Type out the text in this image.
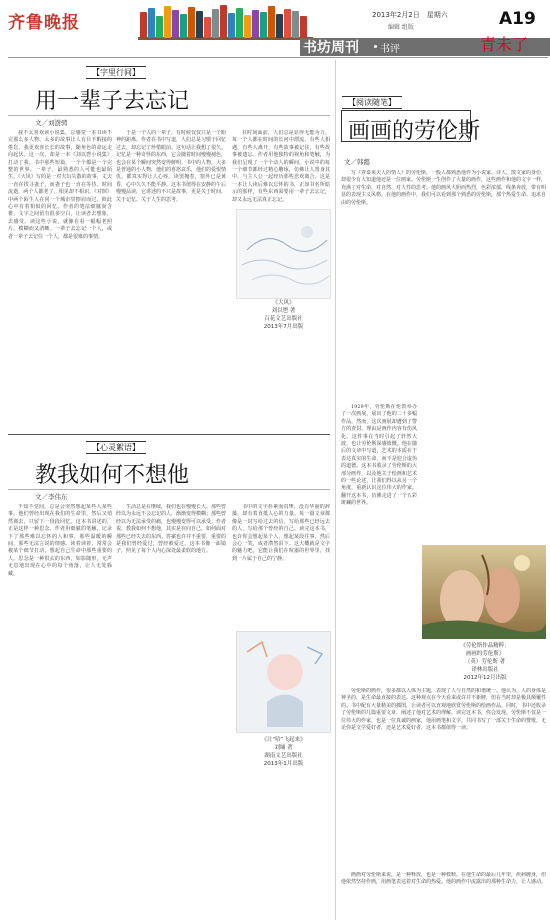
齐鲁晚报	2013年2月2日　星期六
编辑 组版	A19
书坊周刊 书评	青未了
【字里行间】
用一辈子去忘记
文／刘澍骋
我不太喜欢读小说集，总感觉一本书读不完那么多人物，太多的故事让人有目不暇接的倦怠。我更欢喜长长的故事，随角色的命运走向起伏。这一次，却是一本《刘以鬯小说集》打动了我。书中那些短篇，一个个都是一个完整的世界。一辈子，最熟悉的人可能也最陌生。《大风》写的是一对夫妇失散的故事，丈夫一直在找寻妻子，而妻子也一直在等待。时间流逝，两个人都老了，相见却不相识。《对倒》中两个陌生人在同一个城市里擦肩而过，彼此心中有着相似的回忆。作者的笔法细腻而含蓄，文字之间留有很多空白，让读者去想象，去感受。读这些小说，就像在看一幅幅老照片，模糊而又清晰。一辈子去忘记一个人，或者一辈子去记住一个人，都是很难的事情。
于是一个人的一辈子，有时候仅仅只是一个眼神的距离。作者在书中写道，人们总是习惯于回忆过去，却忘记了珍惜眼前。这句话让我想了很久。记忆是一种奇怪的东西，它会随着时间慢慢褪色，也会在某个瞬间突然变得鲜明。书中的人物，大多是普通的小人物，他们的喜怒哀乐，他们的爱恨情仇，都真实得让人心疼。读罢掩卷，窗外已是黄昏，心中久久不能平静。这本书值得在安静的午后慢慢品读，它讲述的不只是故事，更是关于时间、关于记忆、关于人生的思考。
在时间面前，人们总是显得无能为力。每一个人都在时间的长河中漂流，有些人相遇，有些人离开，有些故事被记住，有些故事被遗忘。作者用他独特的视角和笔触，为我们呈现了一个个动人的瞬间。小说中的每一个细节都经过精心雕琢，仿佛让人置身其中，与主人公一起经历那些悲欢离合。这是一本让人读后难以忘怀的书，正如书名所暗示的那样，有些东西需要用一辈子去忘记，却又永远无法真正忘记。
《大风》
刘以鬯 著
百花文艺出版社
2013年7月出版
【心灵絮语】
教我如何不想他
文／李伟东
不知不觉间，总是会突然想起某些人某些事。他们曾经出现在我们的生命里，然后又悄然离去，只留下一段段回忆。这本书讲述的，正是这样一种思念。作者用细腻的笔触，记录下了那些难以忘怀的人和事，那些温暖的瞬间，那些无法言说的情感。读着读着，常常会被某个细节打动，想起自己生命中那些重要的人。思念是一种很玄的东西，如影随形，无声无息地出现在心中的每个角落，让人无处躲藏。
生活总是在继续，我们也在慢慢长大。那些曾经以为永远不会忘记的人，渐渐变得模糊；那些曾经以为无法承受的痛，也慢慢变得可以承受。作者说，教我如何不想他，其实是在问自己，如何面对那些已经失去的东西。答案也许并不重要，重要的是我们曾经爱过，曾经被爱过。这本书像一面镜子，照见了每个人内心深处最柔软的地方。
书中的文字朴素而真挚，没有华丽的辞藻，却有着直抵人心的力量。每一篇文章都像是一封写给过去的信，写给那些已经远去的人，写给那个曾经的自己。读完这本书，也许你会想起某个人，想起某段往事，然后会心一笑，或者潸然泪下。这大概就是文字的魅力吧，它能让我们在喧嚣的世界里，找到一片属于自己的宁静。
《让“哈”飞起来》
刘墉 著
湖南文艺出版社
2013年1月出版
【阅读随笔】
画画的劳伦斯
文／韩懿
写《查泰莱夫人的情人》的劳伦斯，一般人都熟悉他作为小说家、诗人、散文家的身份，却很少有人知道他还是一位画家。劳伦斯一生创作了大量的画作，这些画作和他的文字一样，充满了对生命、对自然、对人性的思考。他的画风大胆而热烈，色彩浓郁，线条奔放，带有明显的表现主义风格。在他的画作中，我们可以看到那个熟悉的劳伦斯，那个热爱生命、追求自由的劳伦斯。
1929年，劳伦斯在伦敦举办了一次画展，展出了他的二十多幅作品。然而，这次画展却遭到了警方的查封，理由是画作内容有伤风化。这件事在当时引起了轩然大波，也让劳伦斯深感愤慨。他在随后的文章中写道，艺术的本质在于表达真实的生命，而不是迎合虚伪的道德。这本书收录了劳伦斯的大部分画作，以及他关于绘画和艺术的一些论述，让我们得以从另一个角度，重新认识这位伟大的作家。翻开这本书，仿佛走进了一个五彩斑斓的世界。
《劳伦斯作品精粹：
画画的劳伦斯》
（英）劳伦斯 著
译林出版社
2012年12月出版
劳伦斯的画作，很多都以人体为主题，表现了人与自然的和谐统一。他认为，人的身体是神圣的，是生命最直接的表达。这种观点在今天看来或许并不新鲜，但在当时却是极具颠覆性的。书中配有大量精美的插图，让读者可以直观地欣赏劳伦斯的绘画作品。同时，书中还收录了劳伦斯的几篇重要文章，阐述了他对艺术的理解。读完这本书，你会发现，劳伦斯不仅是一位伟大的作家，也是一位真诚的画家，他用画笔和文字，共同书写了一部关于生命的赞歌。无论你是文学爱好者，还是艺术爱好者，这本书都值得一读。
画画对劳伦斯来说，是一种释放，也是一种救赎。在他生命的最后几年里，疾病缠身，但他依然坚持作画，用画笔表达着对生命的热爱。他的画作中流露出的那种生命力，让人感动。
